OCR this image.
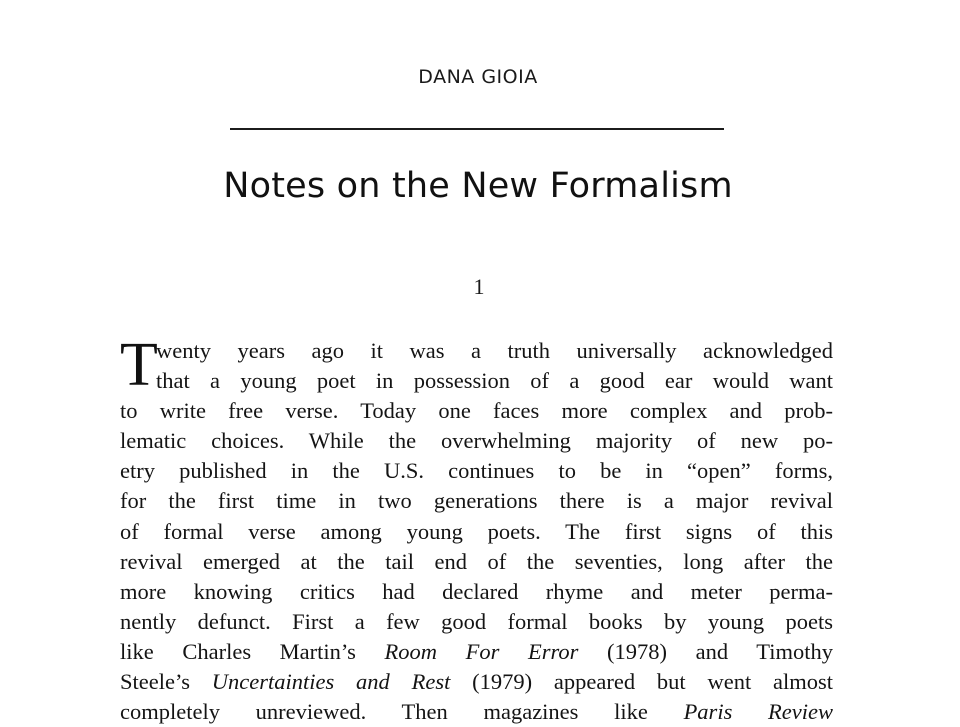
DANA GIOIA
Notes on the New Formalism
1
T
wenty years ago it was a truth universally acknowledged
that a young poet in possession of a good ear would want
to write free verse. Today one faces more complex and prob-
lematic choices. While the overwhelming majority of new po-
etry published in the U.S. continues to be in “open” forms,
for the first time in two generations there is a major revival
of formal verse among young poets. The first signs of this
revival emerged at the tail end of the seventies, long after the
more knowing critics had declared rhyme and meter perma-
nently defunct. First a few good formal books by young poets
like Charles Martin’s Room For Error (1978) and Timothy
Steele’s Uncertainties and Rest (1979) appeared but went almost
completely unreviewed. Then magazines like Paris Review
